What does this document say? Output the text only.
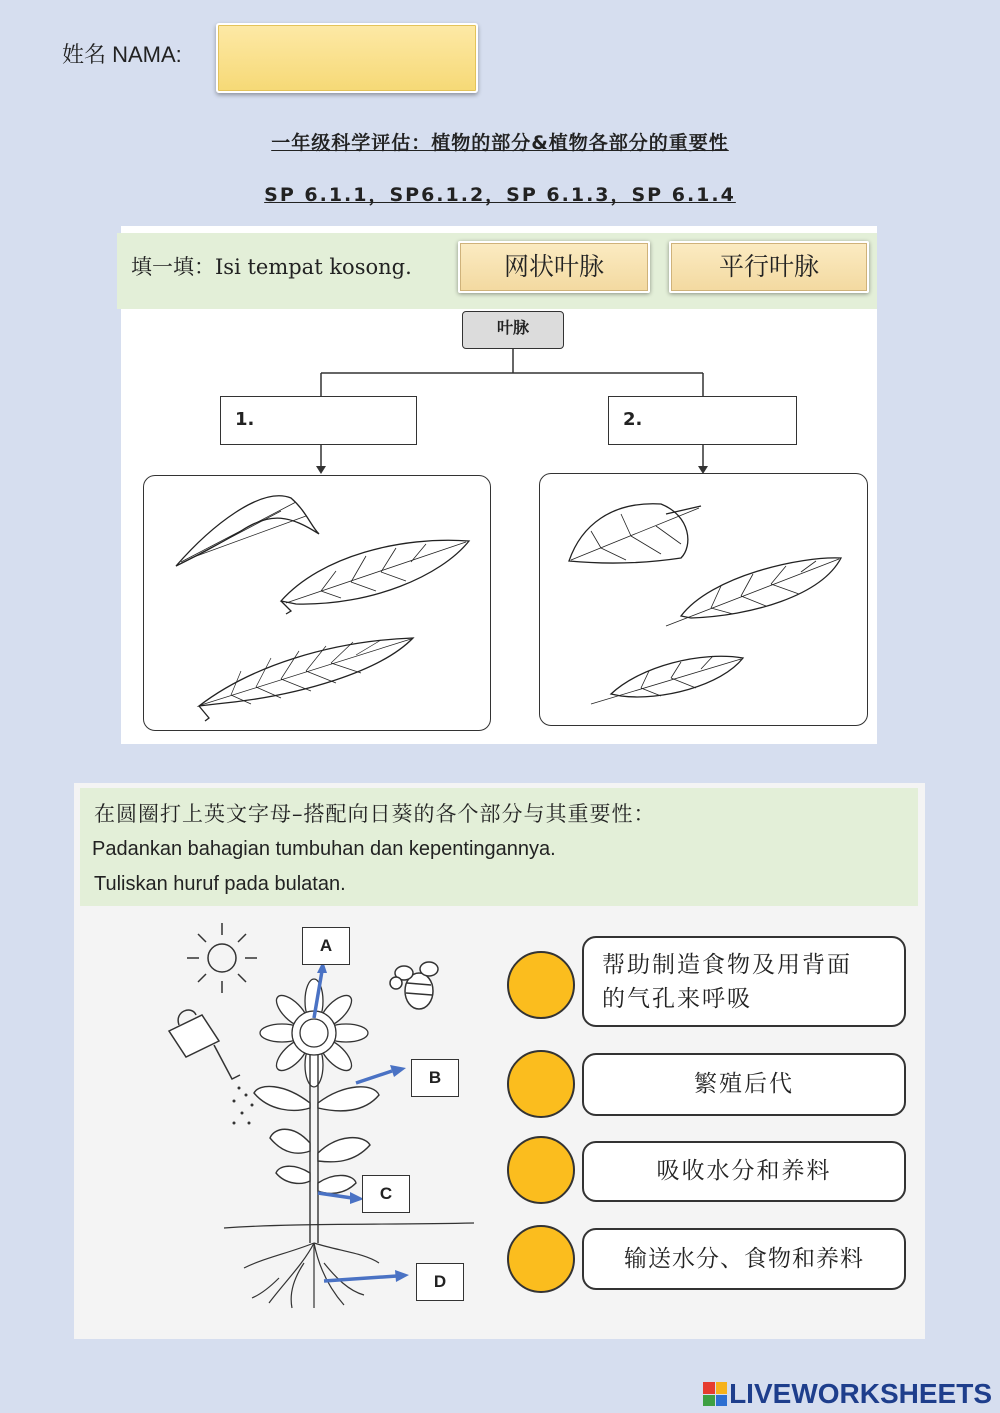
姓名 NAMA:
一年级科学评估：植物的部分&植物各部分的重要性
SP 6.1.1，SP6.1.2，SP 6.1.3，SP 6.1.4
填一填：Isi tempat kosong.	网状叶脉	平行叶脉
叶脉
1.	2.
在圆圈打上英文字母–搭配向日葵的各个部分与其重要性：
Padankan bahagian tumbuhan dan kepentingannya.
Tuliskan huruf pada bulatan.
A
B
C
D
帮助制造食物及用背面
的气孔来呼吸
繁殖后代
吸收水分和养料
输送水分、食物和养料
LIVEWORKSHEETS
